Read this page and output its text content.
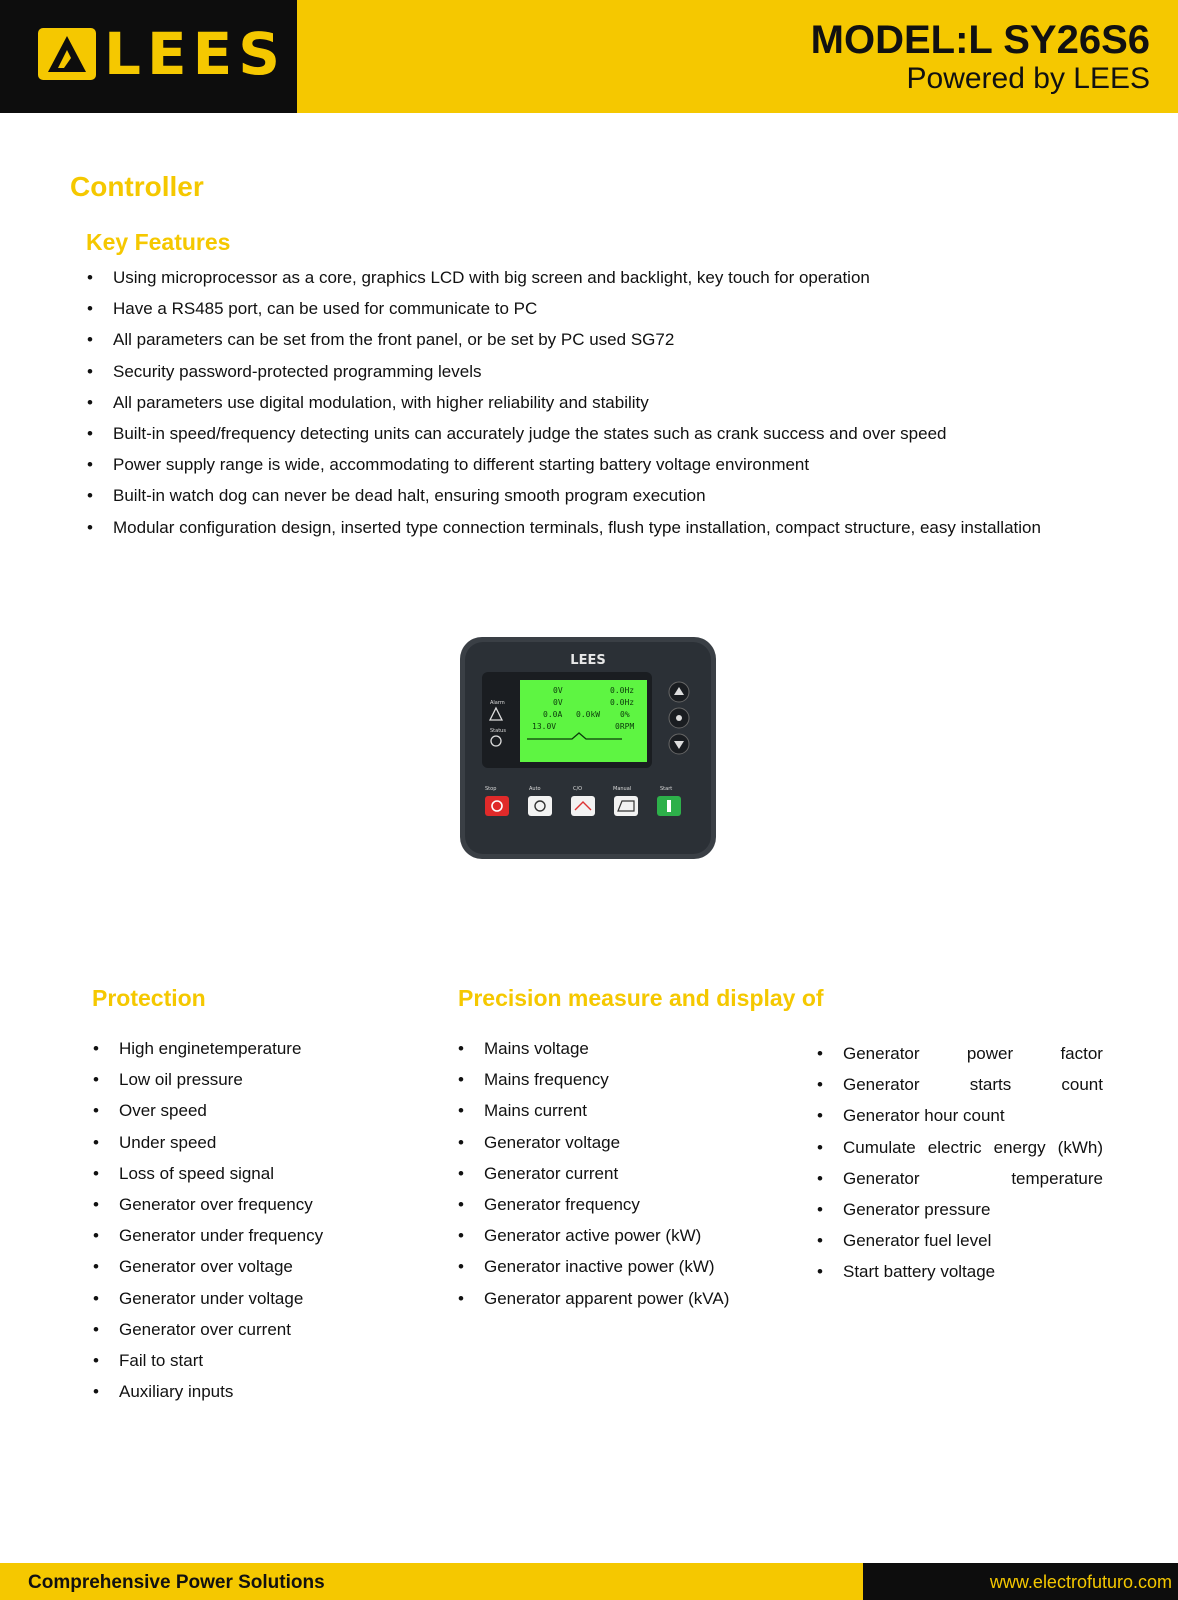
LEES	MODEL:L SY26S6
Powered by LEES
Controller
Key Features
• Using microprocessor as a core, graphics LCD with big screen and backlight, key touch for operation
• Have a RS485 port, can be used for communicate to PC
• All parameters can be set from the front panel, or be set by PC used SG72
• Security password-protected programming levels
• All parameters use digital modulation, with higher reliability and stability
• Built-in speed/frequency detecting units can accurately judge the states such as crank success and over speed
• Power supply range is wide, accommodating to different starting battery voltage environment
• Built-in watch dog can never be dead halt, ensuring smooth program execution
• Modular configuration design, inserted type connection terminals, flush type installation, compact structure, easy installation
LEES
Alarm
Status
0V	0.0Hz
0V	0.0Hz
0.0A 0.0kW 0%
13.0V	0RPM
Stop	Auto	C/O	Manual	Start
Protection
• High enginetemperature
• Low oil pressure
• Over speed
• Under speed
• Loss of speed signal
• Generator over frequency
• Generator under frequency
• Generator over voltage
• Generator under voltage
• Generator over current
• Fail to start
• Auxiliary inputs
Precision measure and display of
• Mains voltage
• Mains frequency
• Mains current
• Generator voltage
• Generator current
• Generator frequency
• Generator active power (kW)
• Generator inactive power (kW)
• Generator apparent power (kVA)
• Generator	power	factor
• Generator	starts	count
• Generator hour count
• Cumulate electric energy (kWh)
• Generator	temperature
• Generator pressure
• Generator fuel level
• Start battery voltage
Comprehensive Power Solutions	www.electrofuturo.com
